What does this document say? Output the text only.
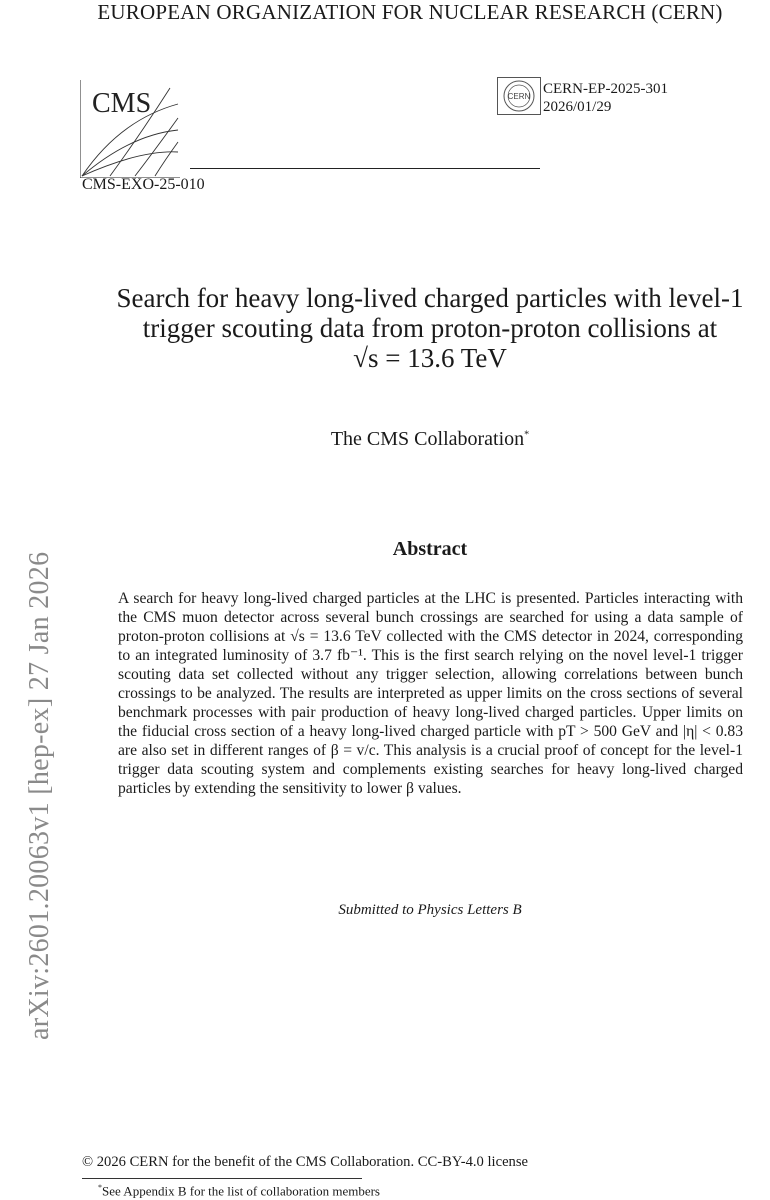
EUROPEAN ORGANIZATION FOR NUCLEAR RESEARCH (CERN)
CMS
CMS-EXO-25-010
CERN CERN-EP-2025-301
2026/01/29
arXiv:2601.20063v1 [hep-ex] 27 Jan 2026
Search for heavy long-lived charged particles with level-1
trigger scouting data from proton-proton collisions at
√s = 13.6 TeV
The CMS Collaboration*
Abstract
A search for heavy long-lived charged particles at the LHC is presented. Particles interacting with the CMS muon detector across several bunch crossings are searched for using a data sample of proton-proton collisions at √s = 13.6 TeV collected with the CMS detector in 2024, corresponding to an integrated luminosity of 3.7 fb⁻¹. This is the first search relying on the novel level-1 trigger scouting data set collected without any trigger selection, allowing correlations between bunch crossings to be analyzed. The results are interpreted as upper limits on the cross sections of several benchmark processes with pair production of heavy long-lived charged particles. Upper limits on the fiducial cross section of a heavy long-lived charged particle with pT > 500 GeV and |η| < 0.83 are also set in different ranges of β = v/c. This analysis is a crucial proof of concept for the level-1 trigger data scouting system and complements existing searches for heavy long-lived charged particles by extending the sensitivity to lower β values.
Submitted to Physics Letters B
© 2026 CERN for the benefit of the CMS Collaboration. CC-BY-4.0 license
*See Appendix B for the list of collaboration members
